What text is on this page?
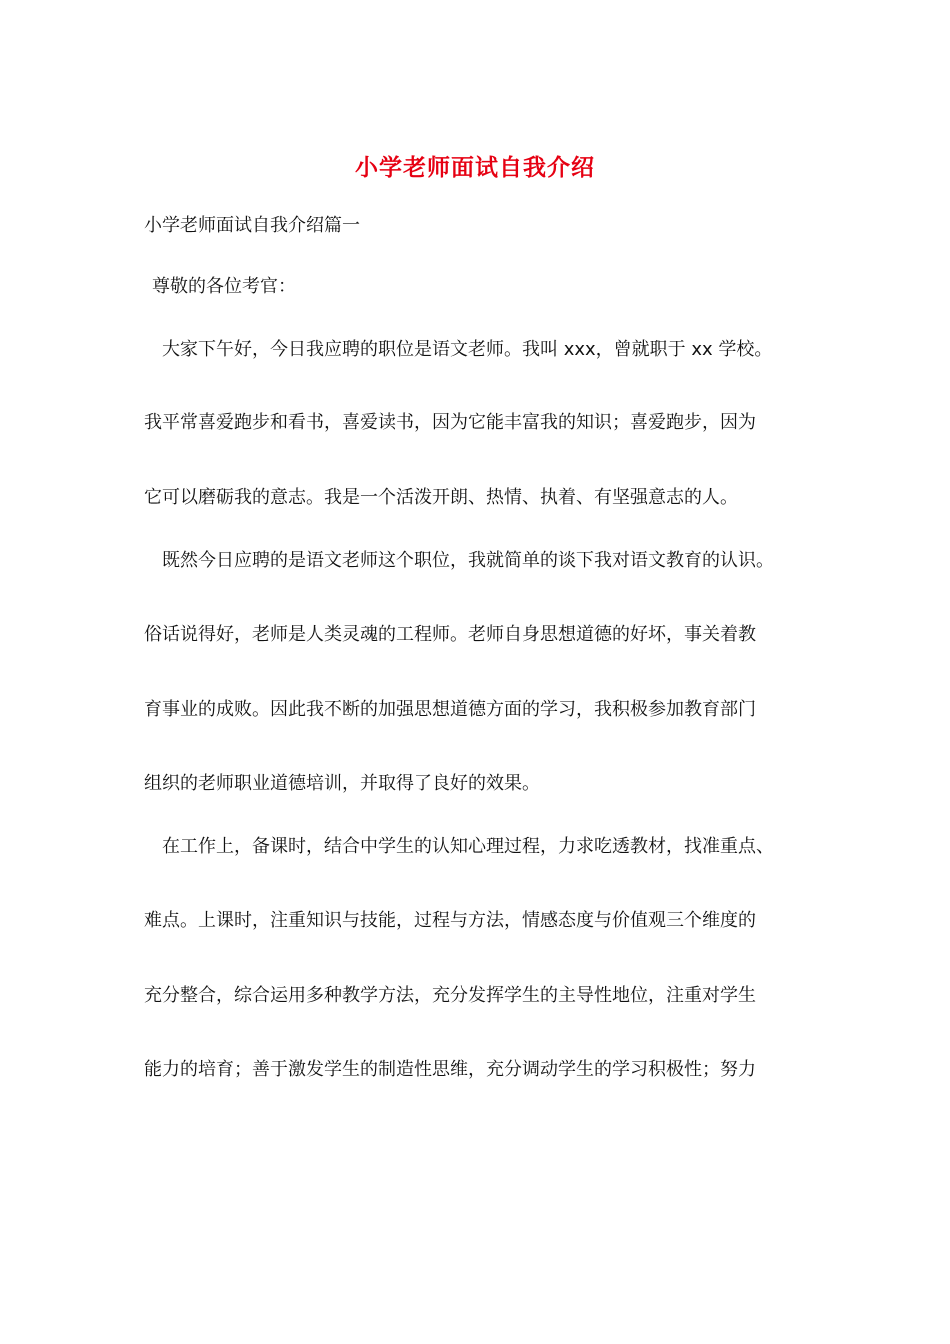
小学老师面试自我介绍

小学老师面试自我介绍篇一

尊敬的各位考官：

大家下午好，今日我应聘的职位是语文老师。我叫 xxx，曾就职于 xx 学校。

我平常喜爱跑步和看书，喜爱读书，因为它能丰富我的知识；喜爱跑步，因为

它可以磨砺我的意志。我是一个活泼开朗、热情、执着、有坚强意志的人。

既然今日应聘的是语文老师这个职位，我就简单的谈下我对语文教育的认识。

俗话说得好，老师是人类灵魂的工程师。老师自身思想道德的好坏，事关着教

育事业的成败。因此我不断的加强思想道德方面的学习，我积极参加教育部门

组织的老师职业道德培训，并取得了良好的效果。

在工作上，备课时，结合中学生的认知心理过程，力求吃透教材，找准重点、

难点。上课时，注重知识与技能，过程与方法，情感态度与价值观三个维度的

充分整合，综合运用多种教学方法，充分发挥学生的主导性地位，注重对学生

能力的培育；善于激发学生的制造性思维，充分调动学生的学习积极性；努力
